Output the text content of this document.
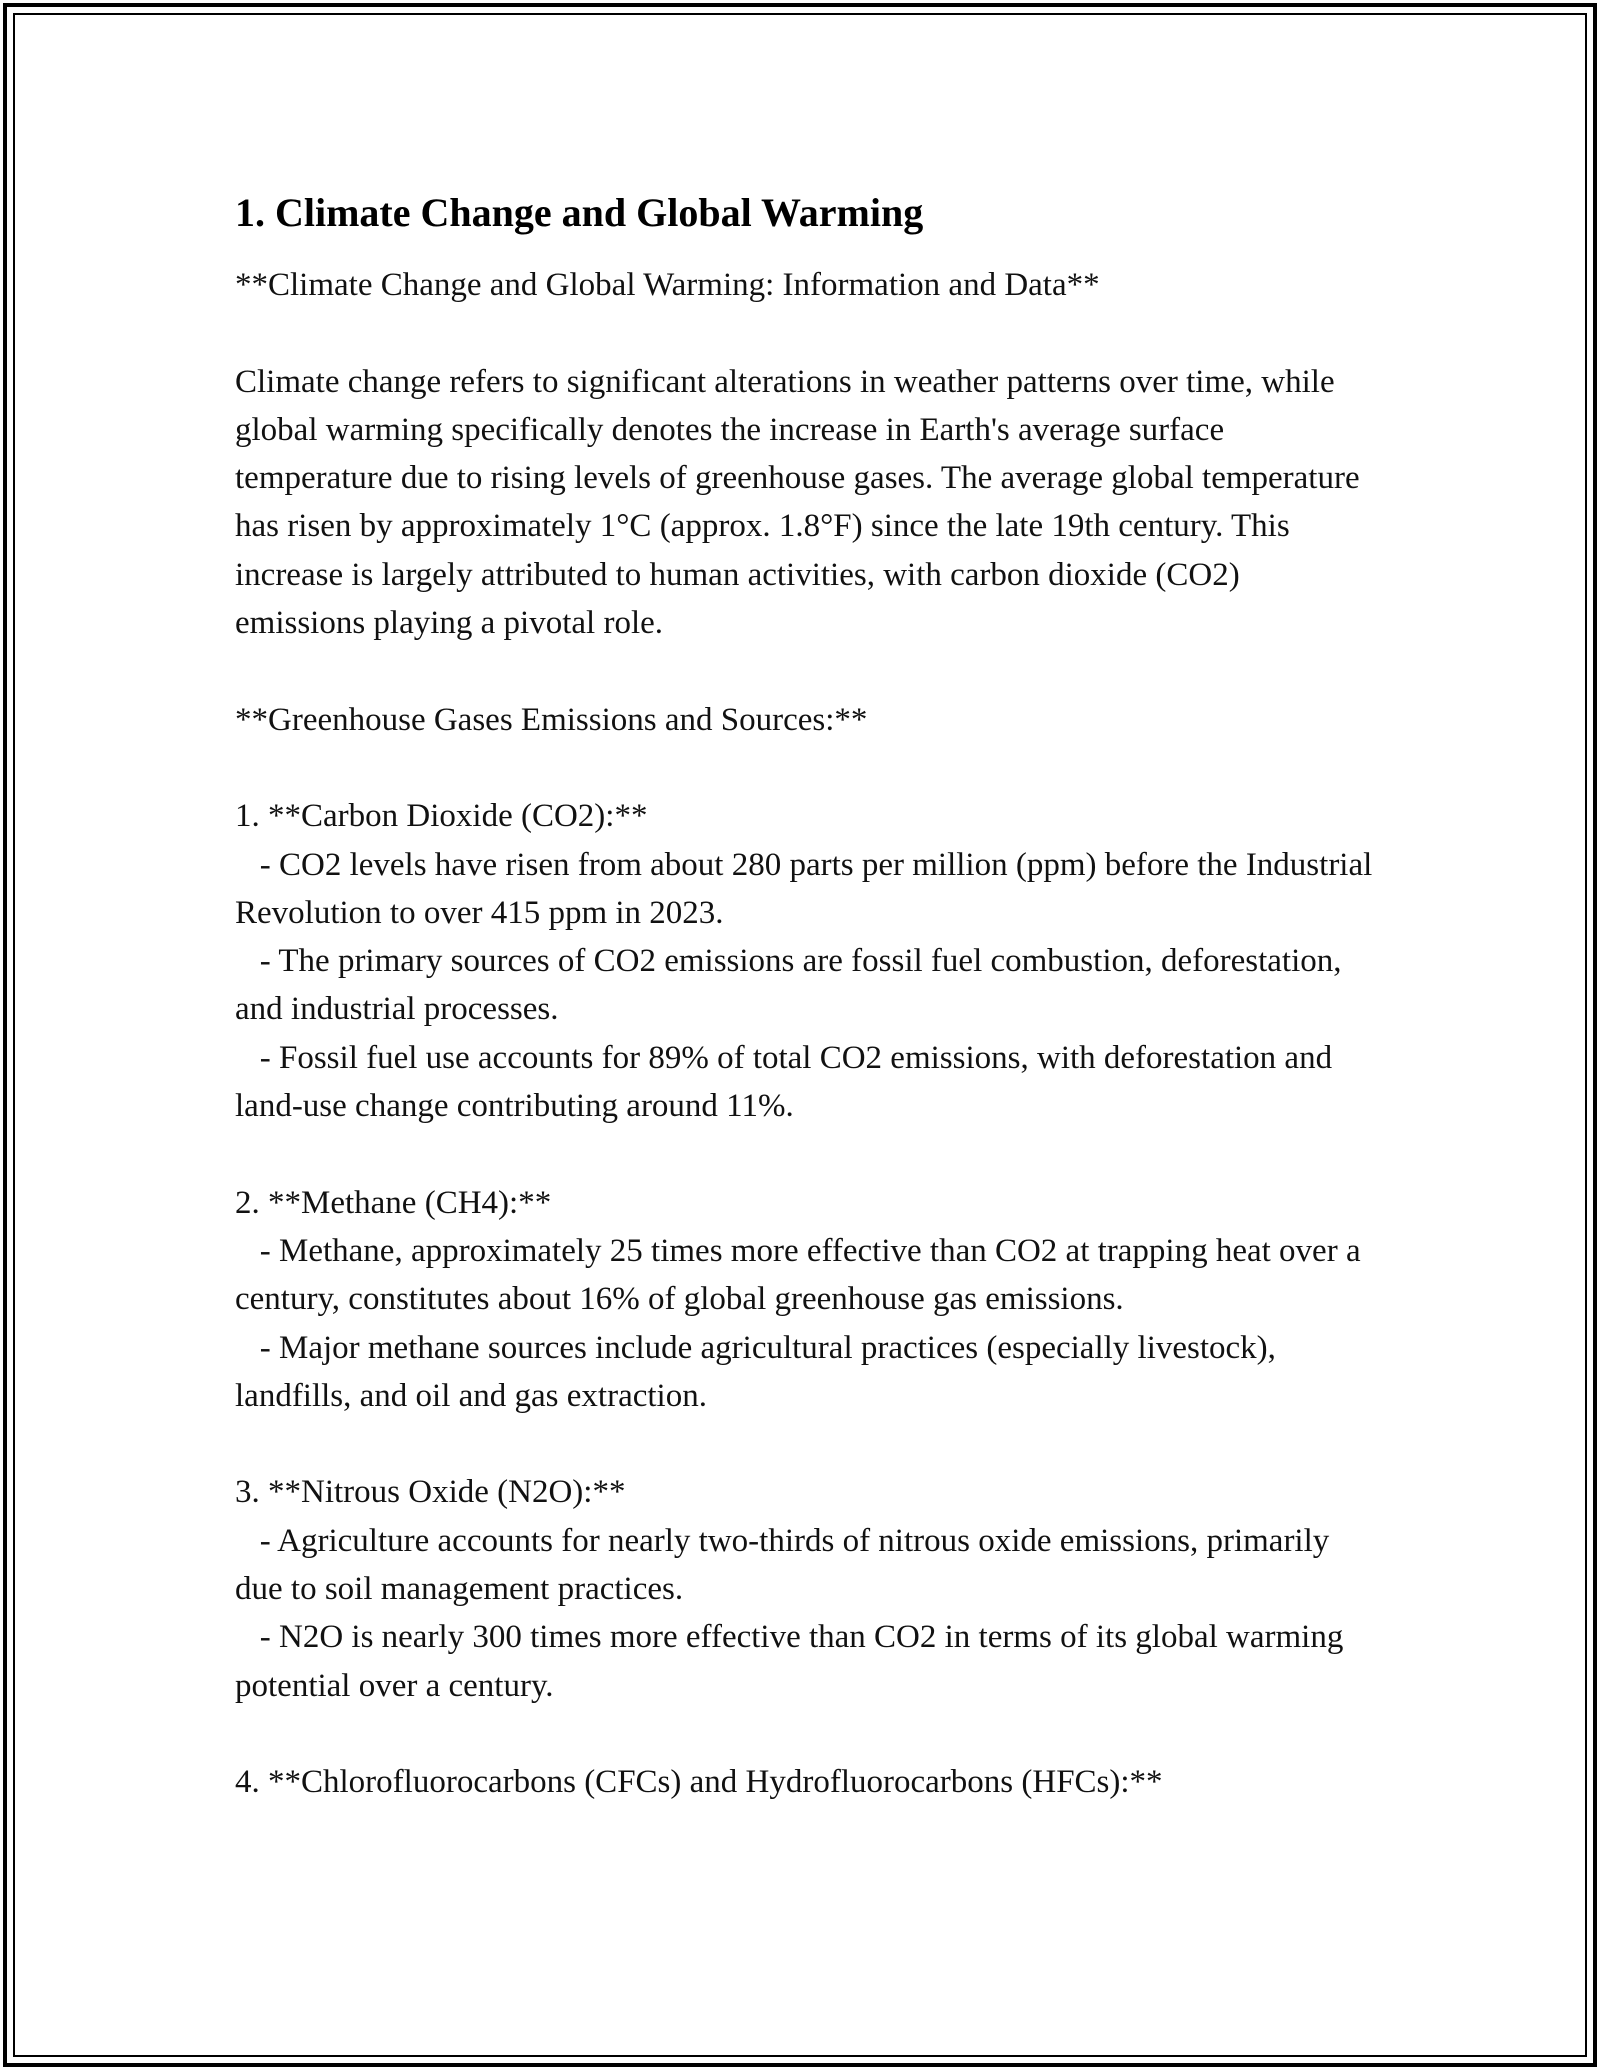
1. Climate Change and Global Warming

**Climate Change and Global Warming: Information and Data**

Climate change refers to significant alterations in weather patterns over time, while global warming specifically denotes the increase in Earth's average surface temperature due to rising levels of greenhouse gases. The average global temperature has risen by approximately 1°C (approx. 1.8°F) since the late 19th century. This increase is largely attributed to human activities, with carbon dioxide (CO2) emissions playing a pivotal role.

**Greenhouse Gases Emissions and Sources:**

1. **Carbon Dioxide (CO2):**

- CO2 levels have risen from about 280 parts per million (ppm) before the Industrial Revolution to over 415 ppm in 2023.

- The primary sources of CO2 emissions are fossil fuel combustion, deforestation, and industrial processes.

- Fossil fuel use accounts for 89% of total CO2 emissions, with deforestation and land-use change contributing around 11%.

2. **Methane (CH4):**

- Methane, approximately 25 times more effective than CO2 at trapping heat over a century, constitutes about 16% of global greenhouse gas emissions.

- Major methane sources include agricultural practices (especially livestock), landfills, and oil and gas extraction.

3. **Nitrous Oxide (N2O):**

- Agriculture accounts for nearly two-thirds of nitrous oxide emissions, primarily due to soil management practices.

- N2O is nearly 300 times more effective than CO2 in terms of its global warming potential over a century.

4. **Chlorofluorocarbons (CFCs) and Hydrofluorocarbons (HFCs):**
